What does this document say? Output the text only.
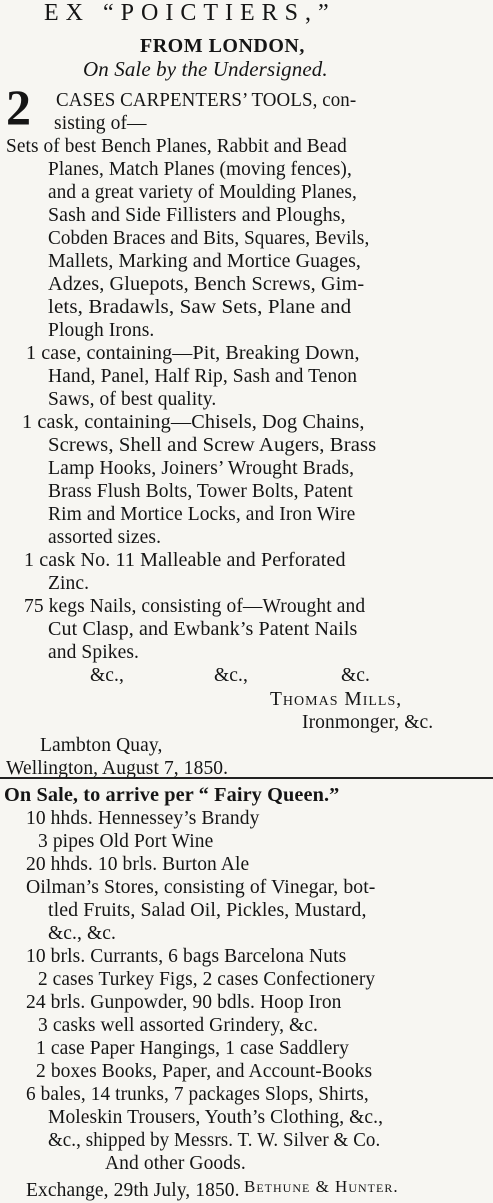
EX “POICTIERS,”
FROM LONDON,
On Sale by the Undersigned.
2 CASES CARPENTERS’ TOOLS, con-
sisting of—
Sets of best Bench Planes, Rabbit and Bead
Planes, Match Planes (moving fences),
and a great variety of Moulding Planes,
Sash and Side Fillisters and Ploughs,
Cobden Braces and Bits, Squares, Bevils,
Mallets, Marking and Mortice Guages,
Adzes, Gluepots, Bench Screws, Gim-
lets, Bradawls, Saw Sets, Plane and
Plough Irons.
1 case, containing—Pit, Breaking Down,
Hand, Panel, Half Rip, Sash and Tenon
Saws, of best quality.
1 cask, containing—Chisels, Dog Chains,
Screws, Shell and Screw Augers, Brass
Lamp Hooks, Joiners’ Wrought Brads,
Brass Flush Bolts, Tower Bolts, Patent
Rim and Mortice Locks, and Iron Wire
assorted sizes.
1 cask No. 11 Malleable and Perforated
Zinc.
75 kegs Nails, consisting of—Wrought and
Cut Clasp, and Ewbank’s Patent Nails
and Spikes.
&c.,	&c.,	&c.
Thomas Mills,
Ironmonger, &c.
Lambton Quay,
Wellington, August 7, 1850.
On Sale, to arrive per “ Fairy Queen.”
10 hhds. Hennessey’s Brandy
3 pipes Old Port Wine
20 hhds. 10 brls. Burton Ale
Oilman’s Stores, consisting of Vinegar, bot-
tled Fruits, Salad Oil, Pickles, Mustard,
&c., &c.
10 brls. Currants, 6 bags Barcelona Nuts
2 cases Turkey Figs, 2 cases Confectionery
24 brls. Gunpowder, 90 bdls. Hoop Iron
3 casks well assorted Grindery, &c.
1 case Paper Hangings, 1 case Saddlery
2 boxes Books, Paper, and Account-Books
6 bales, 14 trunks, 7 packages Slops, Shirts,
Moleskin Trousers, Youth’s Clothing, &c.,
&c., shipped by Messrs. T. W. Silver & Co.
And other Goods.
Bethune & Hunter.
Exchange, 29th July, 1850.
